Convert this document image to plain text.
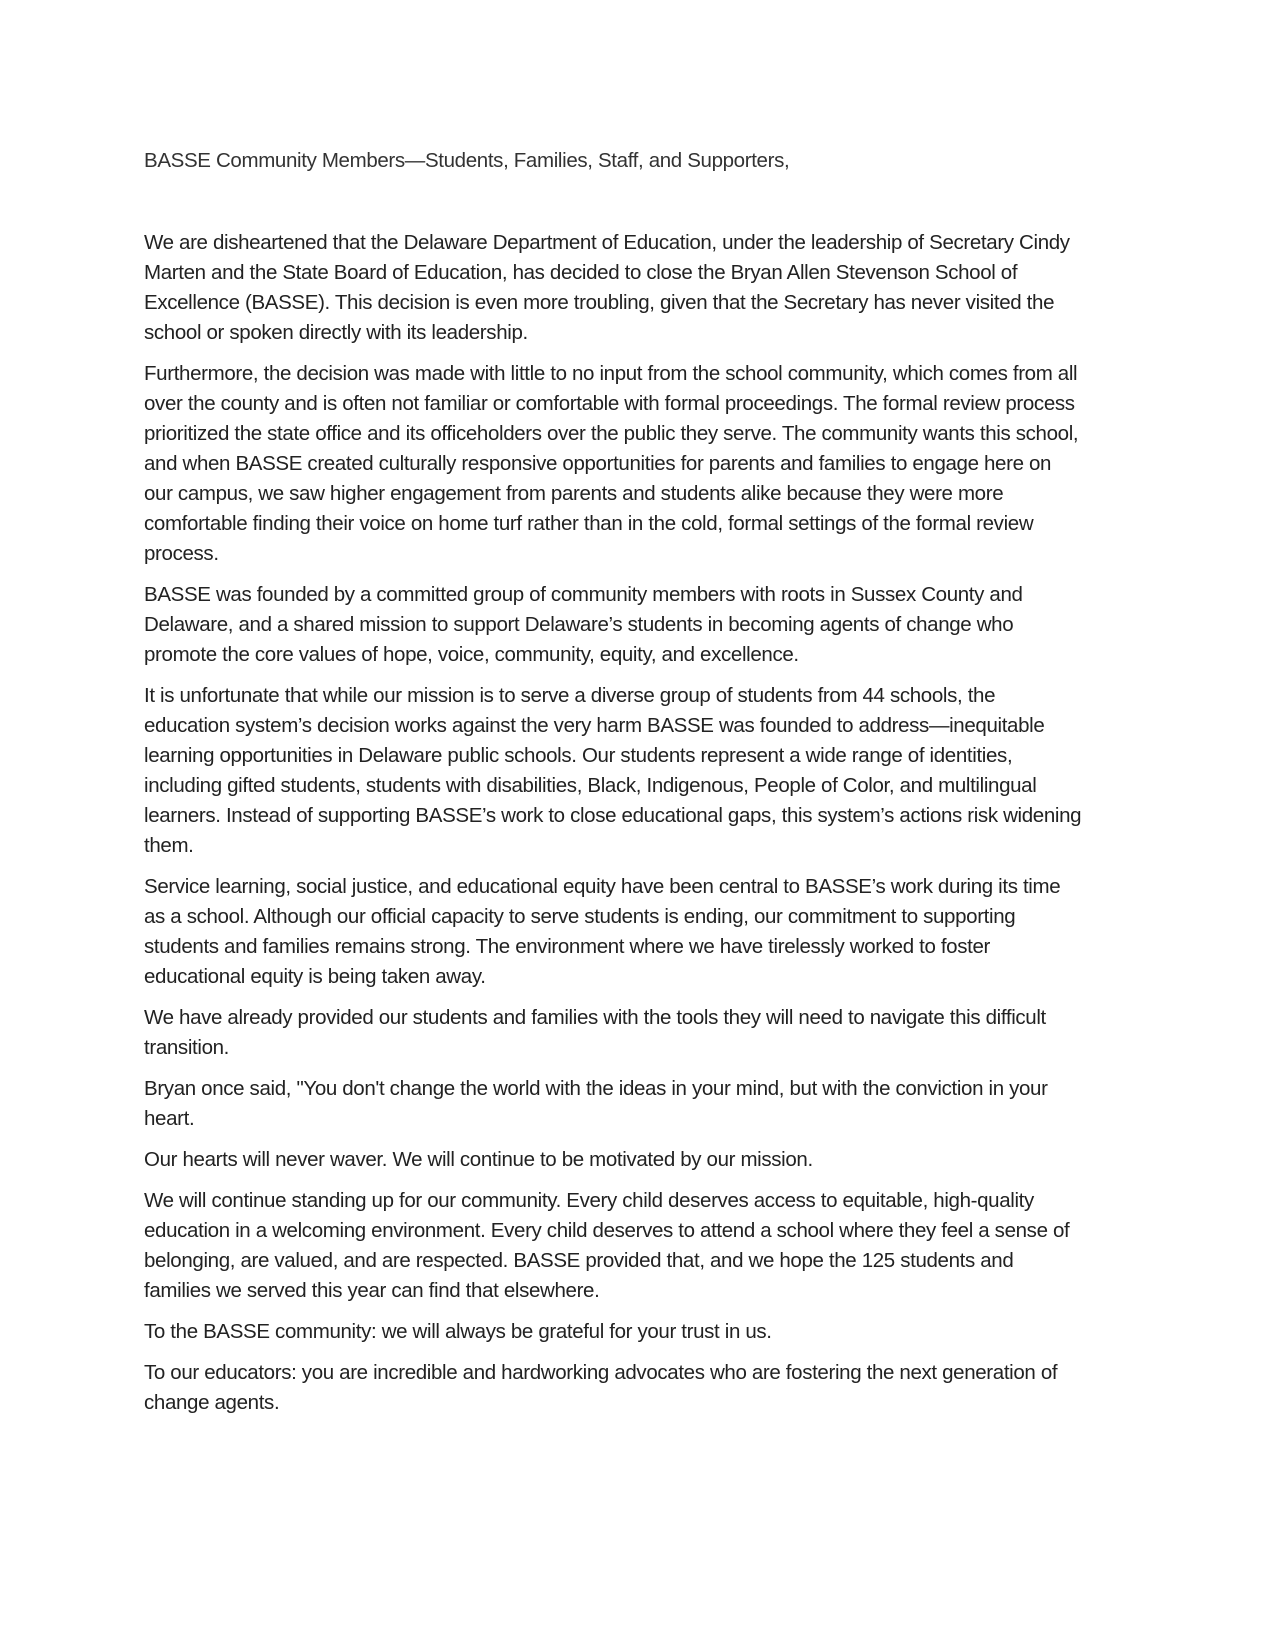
BASSE Community Members—Students, Families, Staff, and Supporters,

We are disheartened that the Delaware Department of Education, under the leadership of Secretary Cindy Marten and the State Board of Education, has decided to close the Bryan Allen Stevenson School of Excellence (BASSE). This decision is even more troubling, given that the Secretary has never visited the school or spoken directly with its leadership.

Furthermore, the decision was made with little to no input from the school community, which comes from all over the county and is often not familiar or comfortable with formal proceedings. The formal review process prioritized the state office and its officeholders over the public they serve. The community wants this school, and when BASSE created culturally responsive opportunities for parents and families to engage here on our campus, we saw higher engagement from parents and students alike because they were more comfortable finding their voice on home turf rather than in the cold, formal settings of the formal review process.

BASSE was founded by a committed group of community members with roots in Sussex County and Delaware, and a shared mission to support Delaware’s students in becoming agents of change who promote the core values of hope, voice, community, equity, and excellence.

It is unfortunate that while our mission is to serve a diverse group of students from 44 schools, the education system’s decision works against the very harm BASSE was founded to address—inequitable learning opportunities in Delaware public schools. Our students represent a wide range of identities, including gifted students, students with disabilities, Black, Indigenous, People of Color, and multilingual learners. Instead of supporting BASSE’s work to close educational gaps, this system’s actions risk widening them.

Service learning, social justice, and educational equity have been central to BASSE’s work during its time as a school. Although our official capacity to serve students is ending, our commitment to supporting students and families remains strong. The environment where we have tirelessly worked to foster educational equity is being taken away.

We have already provided our students and families with the tools they will need to navigate this difficult transition.

Bryan once said, "You don't change the world with the ideas in your mind, but with the conviction in your heart.

Our hearts will never waver. We will continue to be motivated by our mission.

We will continue standing up for our community. Every child deserves access to equitable, high-quality education in a welcoming environment. Every child deserves to attend a school where they feel a sense of belonging, are valued, and are respected. BASSE provided that, and we hope the 125 students and families we served this year can find that elsewhere.

To the BASSE community: we will always be grateful for your trust in us.

To our educators: you are incredible and hardworking advocates who are fostering the next generation of change agents.
